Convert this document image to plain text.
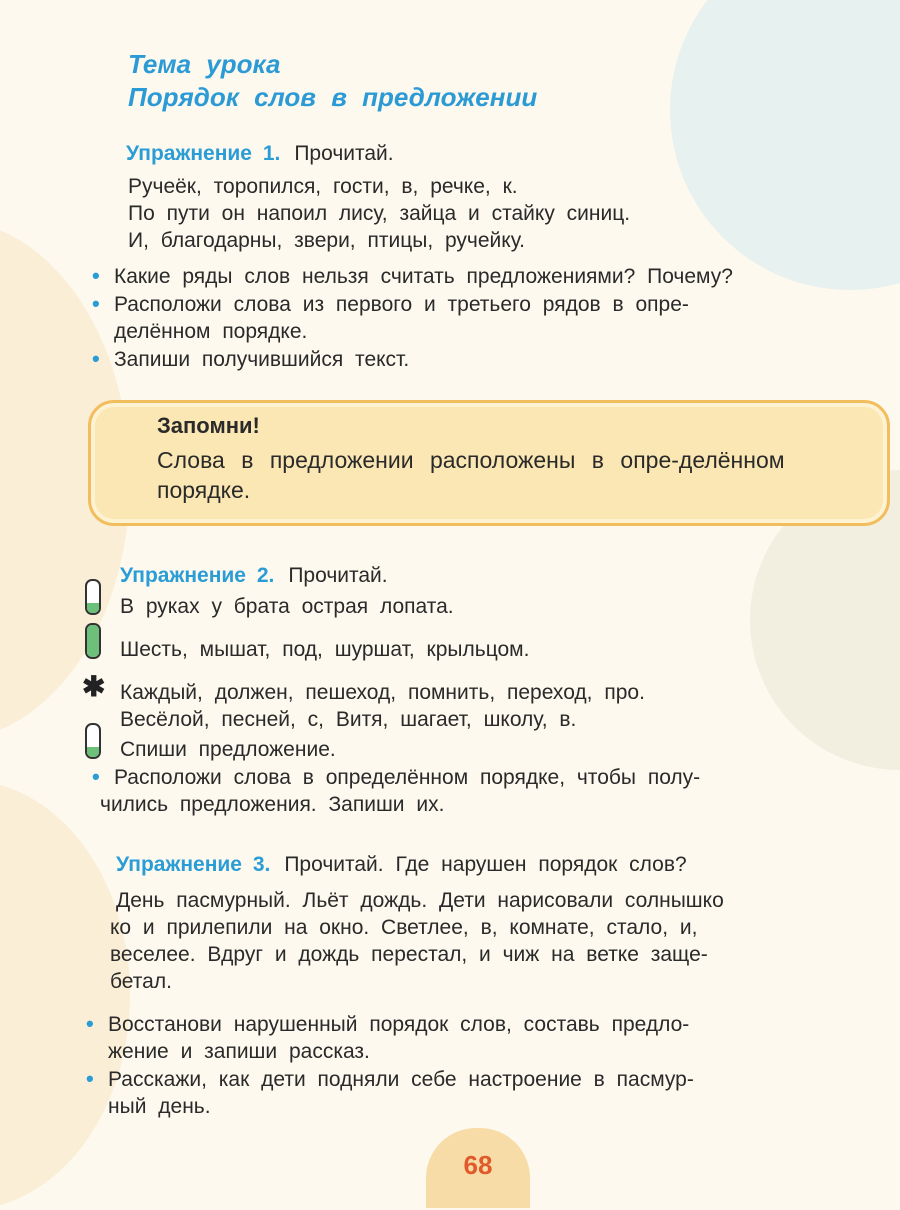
Тема урока
Порядок слов в предложении
Упражнение 1. Прочитай.
Ручеёк, торопился, гости, в, речке, к.
По пути он напоил лису, зайца и стайку синиц.
И, благодарны, звери, птицы, ручейку.
• Какие ряды слов нельзя считать предложениями? Почему?
• Расположи слова из первого и третьего рядов в опре-
делённом порядке.
• Запиши получившийся текст.
Запомни!
Слова в предложении расположены в опре-делённом порядке.
Упражнение 2. Прочитай.
В руках у брата острая лопата.
Шесть, мышат, под, шуршат, крыльцом.
✱ Каждый, должен, пешеход, помнить, переход, про.
Весёлой, песней, с, Витя, шагает, школу, в.
Спиши предложение.
• Расположи слова в определённом порядке, чтобы полу-
чились предложения. Запиши их.
Упражнение 3. Прочитай. Где нарушен порядок слов?
День пасмурный. Льёт дождь. Дети нарисовали солнышко
ко и прилепили на окно. Светлее, в, комнате, стало, и,
веселее. Вдруг и дождь перестал, и чиж на ветке заще-
бетал.
• Восстанови нарушенный порядок слов, составь предло-
жение и запиши рассказ.
• Расскажи, как дети подняли себе настроение в пасмур-
ный день.
68
